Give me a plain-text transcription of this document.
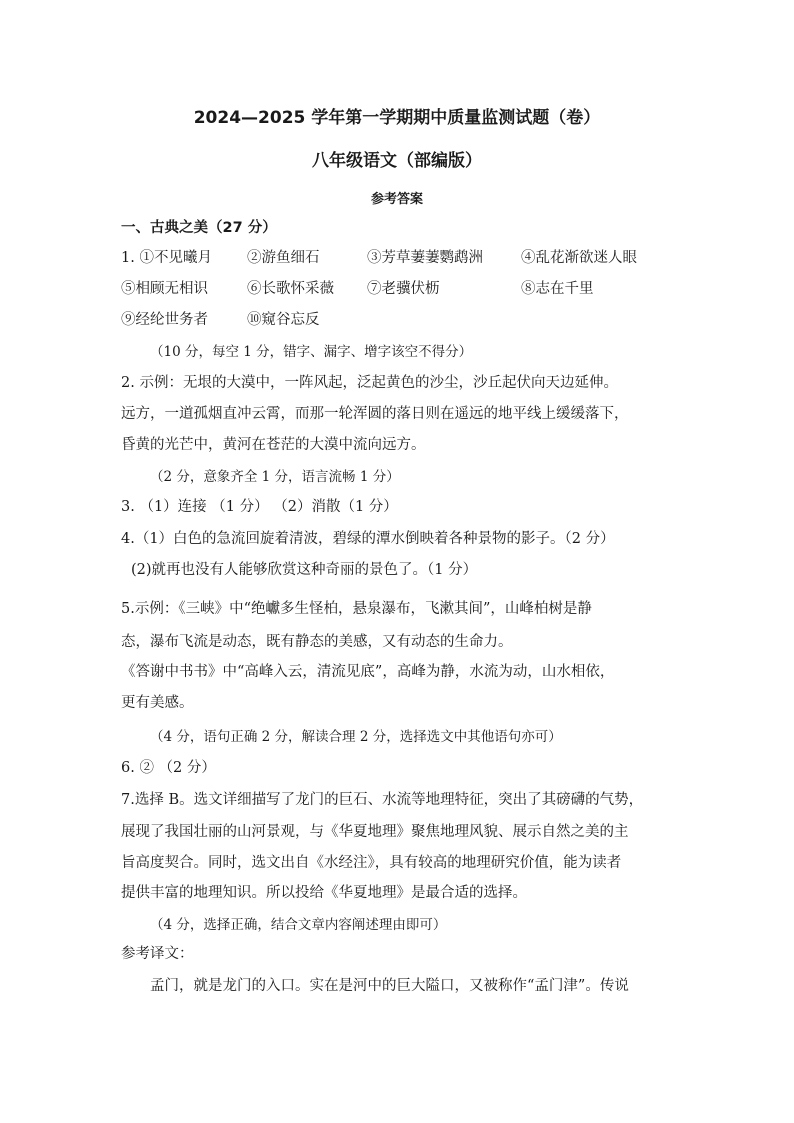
2024—2025 学年第一学期期中质量监测试题（卷）
八年级语文（部编版）
参考答案
一、古典之美（27 分）
1. ①不见曦月 ②游鱼细石	③芳草萋萋鹦鹉洲	④乱花渐欲迷人眼
⑤相顾无相识	⑥长歌怀采薇 ⑦老骥伏枥	⑧志在千里
⑨经纶世务者	⑩窥谷忘反
（10 分，每空 1 分，错字、漏字、增字该空不得分）
2. 示例：无垠的大漠中，一阵风起，泛起黄色的沙尘，沙丘起伏向天边延伸。
远方，一道孤烟直冲云霄，而那一轮浑圆的落日则在遥远的地平线上缓缓落下，
昏黄的光芒中，黄河在苍茫的大漠中流向远方。
（2 分，意象齐全 1 分，语言流畅 1 分）
3. （1）连接 （1 分） （2）消散（1 分）
4.（1）白色的急流回旋着清波，碧绿的潭水倒映着各种景物的影子。（2 分）
(2)就再也没有人能够欣赏这种奇丽的景色了。（1 分）
5.示例：《三峡》中“绝巘多生怪柏，悬泉瀑布，飞漱其间”，山峰柏树是静
态，瀑布飞流是动态，既有静态的美感，又有动态的生命力。
《答谢中书书》中“高峰入云，清流见底”，高峰为静，水流为动，山水相依，
更有美感。
（4 分，语句正确 2 分，解读合理 2 分，选择选文中其他语句亦可）
6. ② （2 分）
7.选择 B。选文详细描写了龙门的巨石、水流等地理特征，突出了其磅礴的气势，
展现了我国壮丽的山河景观，与《华夏地理》聚焦地理风貌、展示自然之美的主
旨高度契合。同时，选文出自《水经注》，具有较高的地理研究价值，能为读者
提供丰富的地理知识。所以投给《华夏地理》是最合适的选择。
（4 分，选择正确，结合文章内容阐述理由即可）
参考译文：
孟门，就是龙门的入口。实在是河中的巨大隘口，又被称作“孟门津”。传说
